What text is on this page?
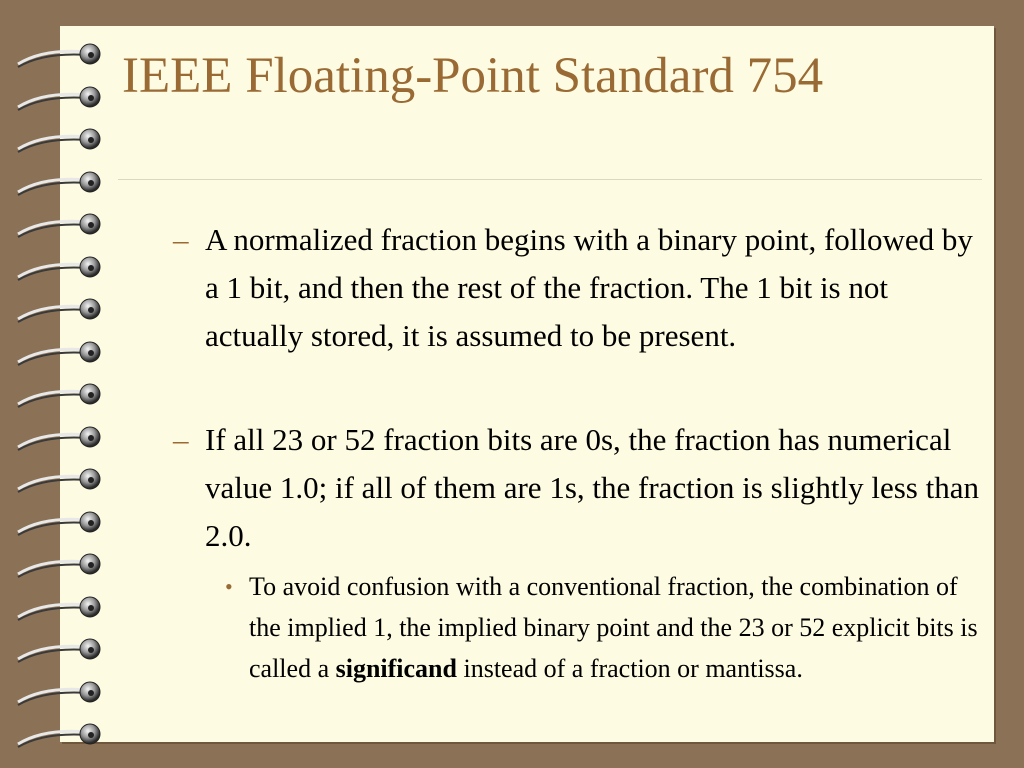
IEEE Floating-Point Standard 754
– A normalized fraction begins with a binary point, followed by a 1 bit, and then the rest of the fraction. The 1 bit is not actually stored, it is assumed to be present.
– If all 23 or 52 fraction bits are 0s, the fraction has numerical value 1.0; if all of them are 1s, the fraction is slightly less than 2.0.
• To avoid confusion with a conventional fraction, the combination of the implied 1, the implied binary point and the 23 or 52 explicit bits is called a significand instead of a fraction or mantissa.
